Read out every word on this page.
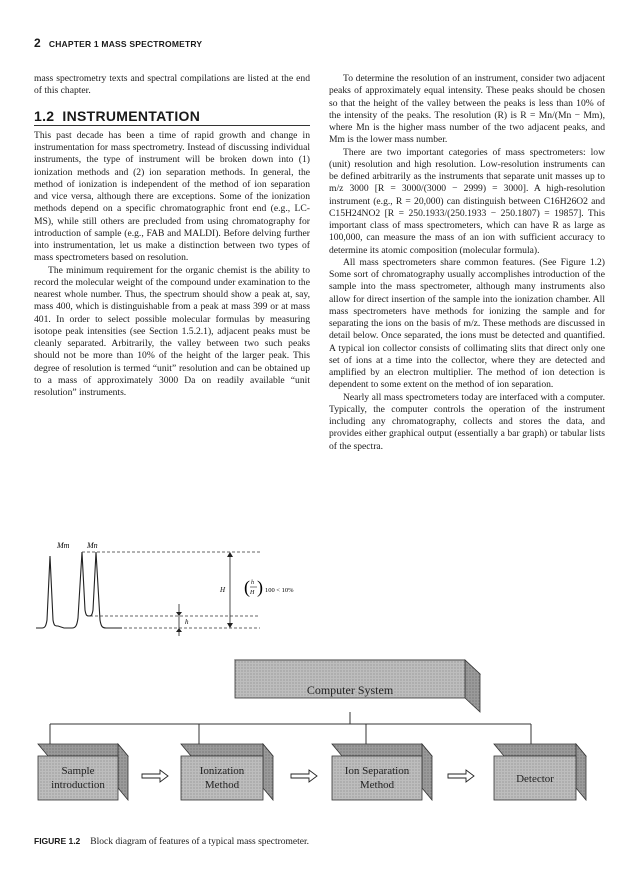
2 CHAPTER 1 MASS SPECTROMETRY

mass spectrometry texts and spectral compilations are listed at the end of this chapter.

1.2 INSTRUMENTATION

This past decade has been a time of rapid growth and change in instrumentation for mass spectrometry. Instead of discussing individual instruments, the type of instrument will be broken down into (1) ionization methods and (2) ion separation methods. In general, the method of ionization is independent of the method of ion separation and vice versa, although there are exceptions. Some of the ionization methods depend on a specific chromatographic front end (e.g., LC-MS), while still others are precluded from using chromatography for introduction of sample (e.g., FAB and MALDI). Before delving further into instrumentation, let us make a distinction between two types of mass spectrometers based on resolution.

The minimum requirement for the organic chemist is the ability to record the molecular weight of the compound under examination to the nearest whole number. Thus, the spectrum should show a peak at, say, mass 400, which is distinguishable from a peak at mass 399 or at mass 401. In order to select possible molecular formulas by measuring isotope peak intensities (see Section 1.5.2.1), adjacent peaks must be cleanly separated. Arbitrarily, the valley between two such peaks should not be more than 10% of the height of the larger peak. This degree of resolution is termed “unit” resolution and can be obtained up to a mass of approximately 3000 Da on readily available “unit resolution” instruments.

Mm Mn
h
H ( h
H ) 100 < 10%

To determine the resolution of an instrument, consider two adjacent peaks of approximately equal intensity. These peaks should be chosen so that the height of the valley between the peaks is less than 10% of the intensity of the peaks. The resolution (R) is R = Mn/(Mn − Mm), where Mn is the higher mass number of the two adjacent peaks, and Mm is the lower mass number.

There are two important categories of mass spectrometers: low (unit) resolution and high resolution. Low-resolution instruments can be defined arbitrarily as the instruments that separate unit masses up to m/z 3000 [R = 3000/(3000 − 2999) = 3000]. A high-resolution instrument (e.g., R = 20,000) can distinguish between C16H26O2 and C15H24NO2 [R = 250.1933/(250.1933 − 250.1807) = 19857]. This important class of mass spectrometers, which can have R as large as 100,000, can measure the mass of an ion with sufficient accuracy to determine its atomic composition (molecular formula).

All mass spectrometers share common features. (See Figure 1.2) Some sort of chromatography usually accomplishes introduction of the sample into the mass spectrometer, although many instruments also allow for direct insertion of the sample into the ionization chamber. All mass spectrometers have methods for ionizing the sample and for separating the ions on the basis of m/z. These methods are discussed in detail below. Once separated, the ions must be detected and quantified. A typical ion collector consists of collimating slits that direct only one set of ions at a time into the collector, where they are detected and amplified by an electron multiplier. The method of ion detection is dependent to some extent on the method of ion separation.

Nearly all mass spectrometers today are interfaced with a computer. Typically, the computer controls the operation of the instrument including any chromatography, collects and stores the data, and provides either graphical output (essentially a bar graph) or tabular lists of the spectra.

Computer System
Sample
introduction
Ionization
Method
Ion Separation
Method	Detector
FIGURE 1.2 Block diagram of features of a typical mass spectrometer.
